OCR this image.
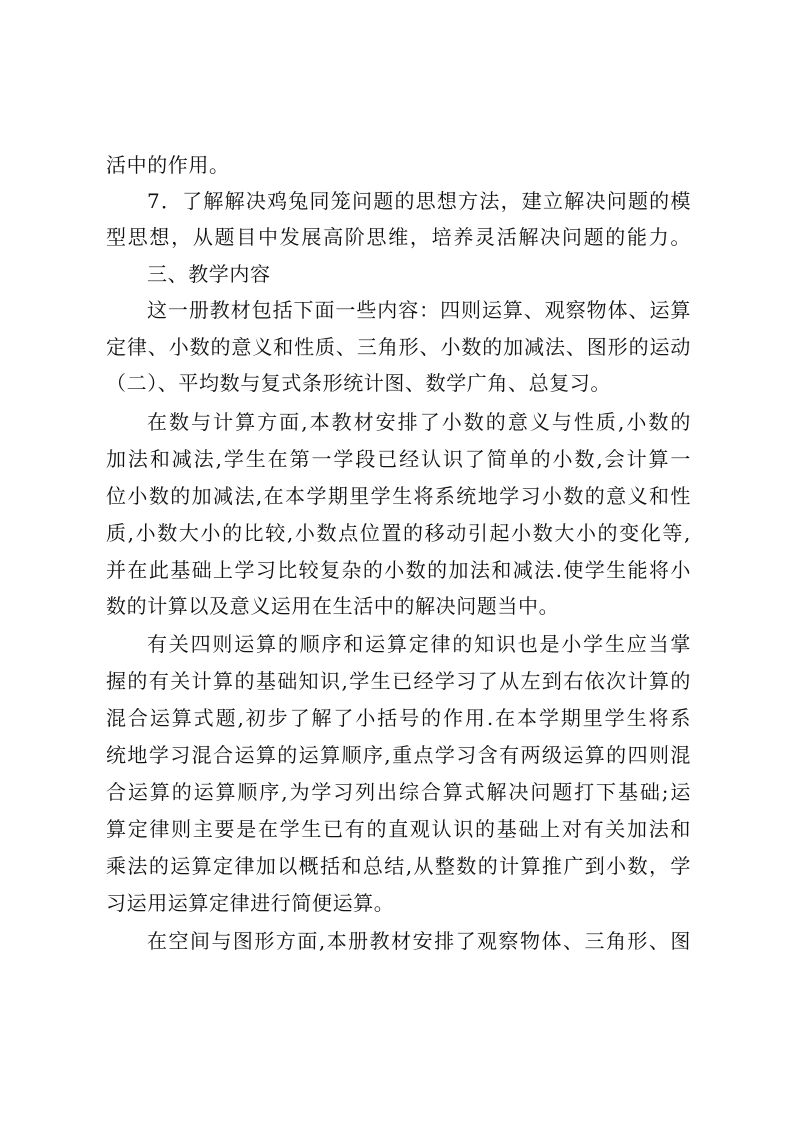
活中的作用。
7．了解解决鸡兔同笼问题的思想方法，建立解决问题的模
型思想，从题目中发展高阶思维，培养灵活解决问题的能力。
三、教学内容
这一册教材包括下面一些内容：四则运算、观察物体、运算
定律、小数的意义和性质、三角形、小数的加减法、图形的运动
（二）、平均数与复式条形统计图、数学广角、总复习。
在数与计算方面,本教材安排了小数的意义与性质,小数的
加法和减法,学生在第一学段已经认识了简单的小数,会计算一
位小数的加减法,在本学期里学生将系统地学习小数的意义和性
质,小数大小的比较,小数点位置的移动引起小数大小的变化等,
并在此基础上学习比较复杂的小数的加法和减法.使学生能将小
数的计算以及意义运用在生活中的解决问题当中。
有关四则运算的顺序和运算定律的知识也是小学生应当掌
握的有关计算的基础知识,学生已经学习了从左到右依次计算的
混合运算式题,初步了解了小括号的作用.在本学期里学生将系
统地学习混合运算的运算顺序,重点学习含有两级运算的四则混
合运算的运算顺序,为学习列出综合算式解决问题打下基础;运
算定律则主要是在学生已有的直观认识的基础上对有关加法和
乘法的运算定律加以概括和总结,从整数的计算推广到小数，学
习运用运算定律进行简便运算。
在空间与图形方面,本册教材安排了观察物体、三角形、图
